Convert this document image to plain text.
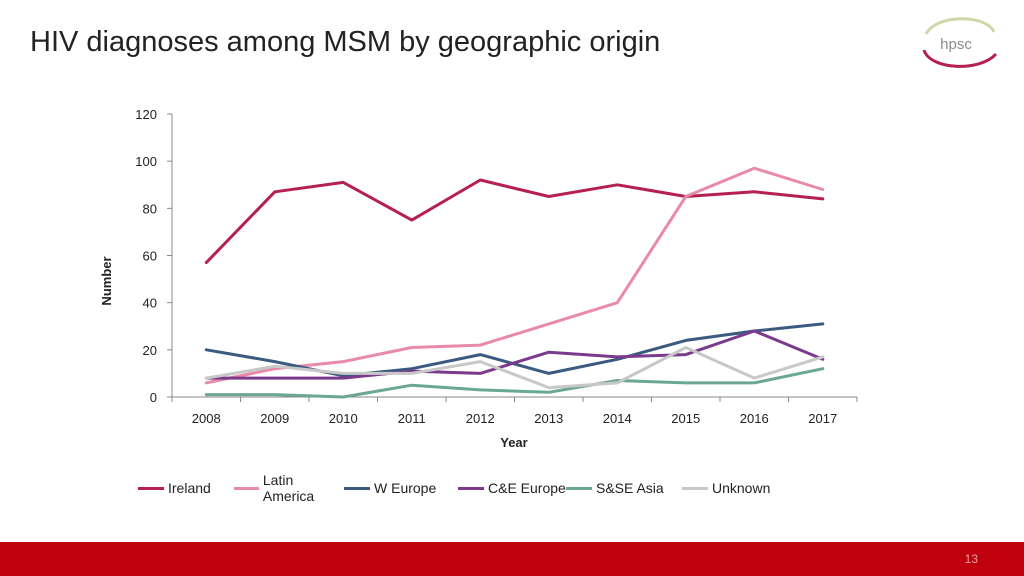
HIV diagnoses among MSM by geographic origin	hpsc
0
20
40
60
80
100
120
2008	2009	2010	2011	2012	2013	2014	2015	2016	2017
Year
Number
Ireland	Latin America	W Europe	C&E Europe S&SE Asia	Unknown
13
